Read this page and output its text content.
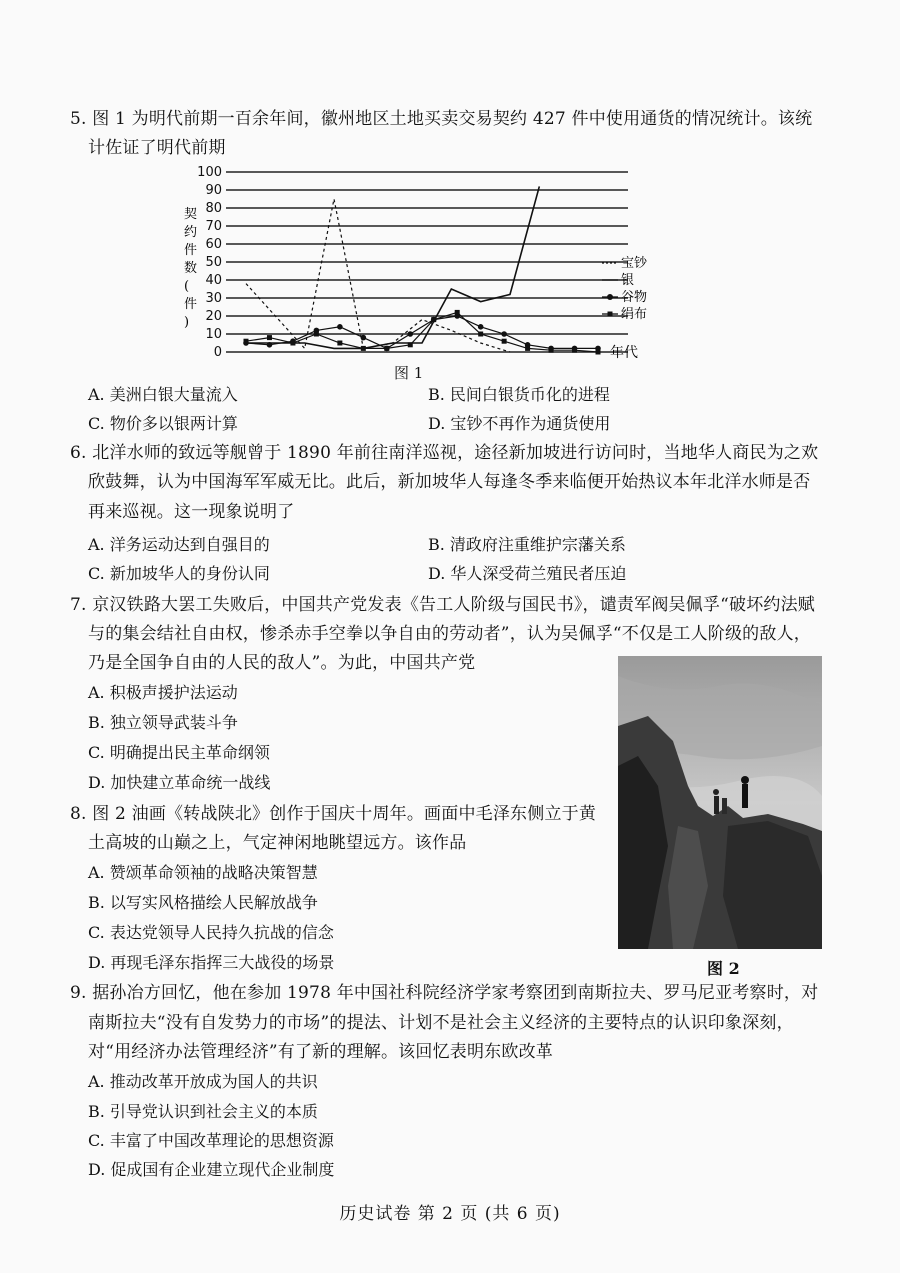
5. 图 1 为明代前期一百余年间，徽州地区土地买卖交易契约 427 件中使用通货的情况统计。该统
计佐证了明代前期
0
10
20
30
40
50
60
70
80
90
100
契约件数(件)
宝钞
银
谷物
绢布
年代
图 1
A. 美洲白银大量流入	B. 民间白银货币化的进程
C. 物价多以银两计算	D. 宝钞不再作为通货使用
6. 北洋水师的致远等舰曾于 1890 年前往南洋巡视，途径新加坡进行访问时，当地华人商民为之欢
欣鼓舞，认为中国海军军威无比。此后，新加坡华人每逢冬季来临便开始热议本年北洋水师是否
再来巡视。这一现象说明了
A. 洋务运动达到自强目的	B. 清政府注重维护宗藩关系
C. 新加坡华人的身份认同	D. 华人深受荷兰殖民者压迫
7. 京汉铁路大罢工失败后，中国共产党发表《告工人阶级与国民书》，谴责军阀吴佩孚“破坏约法赋
与的集会结社自由权，惨杀赤手空拳以争自由的劳动者”，认为吴佩孚“不仅是工人阶级的敌人，
乃是全国争自由的人民的敌人”。为此，中国共产党
A. 积极声援护法运动
B. 独立领导武装斗争
C. 明确提出民主革命纲领
D. 加快建立革命统一战线
8. 图 2 油画《转战陕北》创作于国庆十周年。画面中毛泽东侧立于黄
土高坡的山巅之上，气定神闲地眺望远方。该作品
A. 赞颂革命领袖的战略决策智慧
B. 以写实风格描绘人民解放战争
C. 表达党领导人民持久抗战的信念
D. 再现毛泽东指挥三大战役的场景	图 2
9. 据孙冶方回忆，他在参加 1978 年中国社科院经济学家考察团到南斯拉夫、罗马尼亚考察时，对
南斯拉夫“没有自发势力的市场”的提法、计划不是社会主义经济的主要特点的认识印象深刻，
对“用经济办法管理经济”有了新的理解。该回忆表明东欧改革
A. 推动改革开放成为国人的共识
B. 引导党认识到社会主义的本质
C. 丰富了中国改革理论的思想资源
D. 促成国有企业建立现代企业制度
历史试卷 第 2 页 (共 6 页)
